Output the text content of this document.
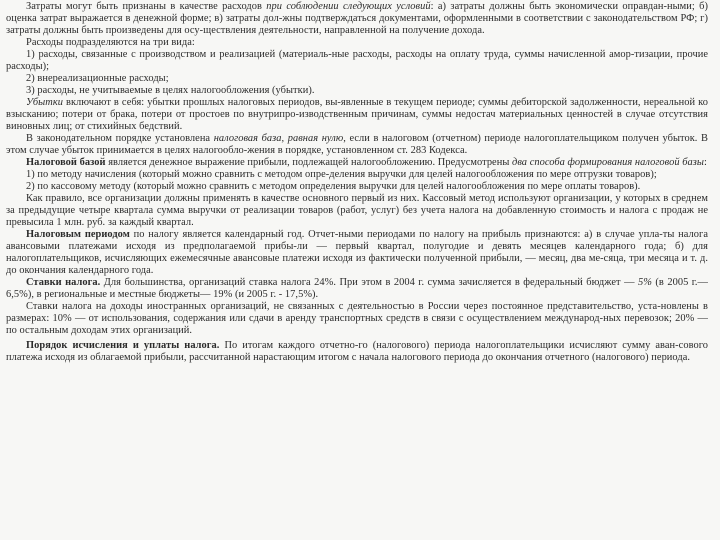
Затраты могут быть признаны в качестве расходов при соблюдении следующих условий: а) затраты должны быть экономически оправдан-ными; б) оценка затрат выражается в денежной форме; в) затраты дол-жны подтверждаться документами, оформленными в соответствии с законодательством РФ; г) затраты должны быть произведены для осу-ществления деятельности, направленной на получение дохода.

Расходы подразделяются на три вида:

1) расходы, связанные с производством и реализацией (материаль-ные расходы, расходы на оплату труда, суммы начисленной амор-тизации, прочие расходы);

2) внереализационные расходы;

3) расходы, не учитываемые в целях налогообложения (убытки).

Убытки включают в себя: убытки прошлых налоговых периодов, вы-явленные в текущем периоде; суммы дебиторской задолженности, нереальной ко взысканию; потери от брака, потери от простоев по внутрипро-изводственным причинам, суммы недостач материальных ценностей в случае отсутствия виновных лиц; от стихийных бедствий.

В законодательном порядке установлена налоговая база, равная нулю, если в налоговом (отчетном) периоде налогоплательщиком получен убыток. В этом случае убыток принимается в целях налогообло-жения в порядке, установленном ст. 283 Кодекса.

Налоговой базой является денежное выражение прибыли, подлежащей налогообложению. Предусмотрены два способа формирования налоговой базы:

1) по методу начисления (который можно сравнить с методом опре-деления выручки для целей налогообложения по мере отгрузки товаров);

2) по кассовому методу (который можно сравнить с методом определения выручки для целей налогообложения по мере оплаты товаров).

Как правило, все организации должны применять в качестве основного первый из них. Кассовый метод используют организации, у которых в среднем за предыдущие четыре квартала сумма выручки от реализации товаров (работ, услуг) без учета налога на добавленную стоимость и налога с продаж не превысила 1 млн. руб. за каждый квартал.

Налоговым периодом по налогу является календарный год. Отчет-ными периодами по налогу на прибыль признаются: а) в случае упла-ты налога авансовыми платежами исходя из предполагаемой прибы-ли — первый квартал, полугодие и девять месяцев календарного года; б) для налогоплательщиков, исчисляющих ежемесячные авансовые платежи исходя из фактически полученной прибыли, — месяц, два ме-сяца, три месяца и т. д. до окончания календарного года.

Ставки налога. Для большинства, организаций ставка налога 24%. При этом в 2004 г. сумма зачисляется в федеральный бюджет — 5% (в 2005 г.— 6,5%), в региональные и местные бюджеты— 19% (и 2005 г. - 17,5%).

Ставки налога на доходы иностранных организаций, не связанных с деятельностью в России через постоянное представительство, уста-новлены в размерах: 10% — от использования, содержания или сдачи в аренду транспортных средств в связи с осуществлением международ-ных перевозок; 20% — по остальным доходам этих организаций.

Порядок исчисления и уплаты налога. По итогам каждого отчетно-го (налогового) периода налогоплательщики исчисляют сумму аван-сового платежа исходя из облагаемой прибыли, рассчитанной нарастающим итогом с начала налогового периода до окончания отчетного (налогового) периода.
